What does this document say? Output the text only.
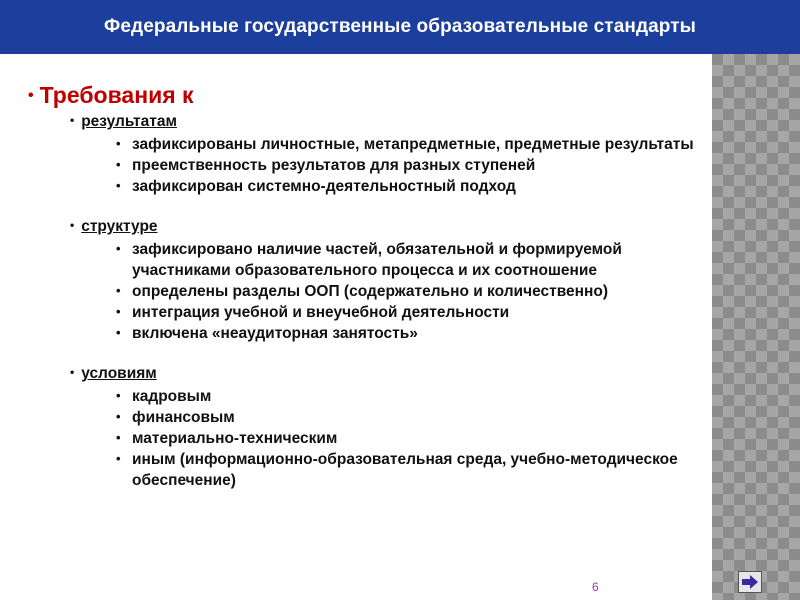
Федеральные государственные образовательные стандарты
• Требования к
• результатам
• зафиксированы личностные, метапредметные, предметные результаты
• преемственность результатов для разных ступеней
• зафиксирован системно-деятельностный подход
• структуре
• зафиксировано наличие частей, обязательной и формируемой участниками образовательного процесса и их соотношение
• определены разделы ООП (содержательно и количественно)
• интеграция учебной и внеучебной деятельности
• включена «неаудиторная занятость»
• условиям
• кадровым
• финансовым
• материально-техническим
• иным (информационно-образовательная среда, учебно-методическое обеспечение)
6
